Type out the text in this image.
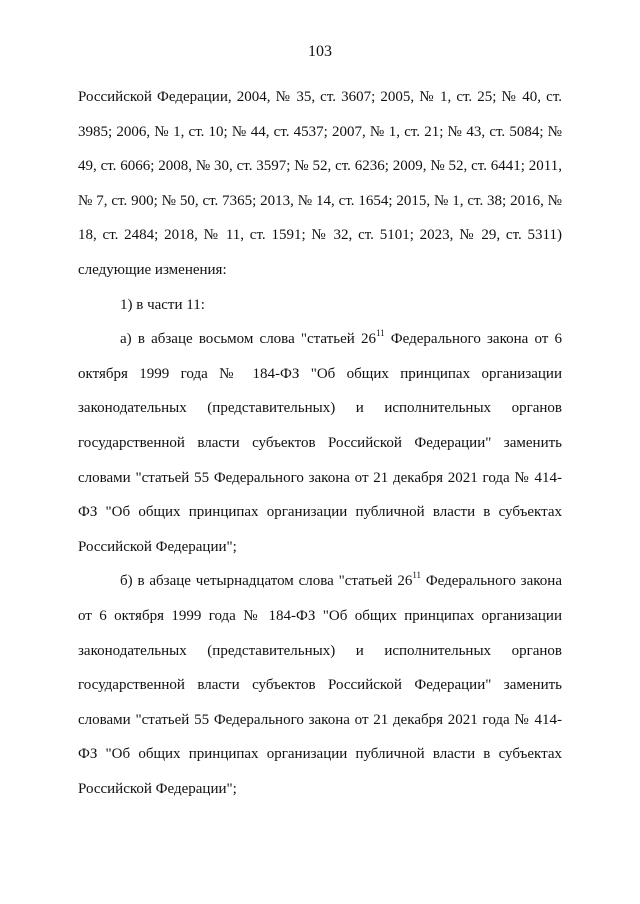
103

Российской Федерации, 2004, № 35, ст. 3607; 2005, № 1, ст. 25; № 40, ст. 3985; 2006, № 1, ст. 10; № 44, ст. 4537; 2007, № 1, ст. 21; № 43, ст. 5084; № 49, ст. 6066; 2008, № 30, ст. 3597; № 52, ст. 6236; 2009, № 52, ст. 6441; 2011, № 7, ст. 900; № 50, ст. 7365; 2013, № 14, ст. 1654; 2015, № 1, ст. 38; 2016, № 18, ст. 2484; 2018, № 11, ст. 1591; № 32, ст. 5101; 2023, № 29, ст. 5311) следующие изменения:

1) в части 11:

а) в абзаце восьмом слова "статьей $26^{11}$ Федерального закона от 6 октября 1999 года № 184-ФЗ "Об общих принципах организации законодательных (представительных) и исполнительных органов государственной власти субъектов Российской Федерации" заменить словами "статьей 55 Федерального закона от 21 декабря 2021 года № 414-ФЗ "Об общих принципах организации публичной власти в субъектах Российской Федерации";

б) в абзаце четырнадцатом слова "статьей $26^{11}$ Федерального закона от 6 октября 1999 года № 184-ФЗ "Об общих принципах организации законодательных (представительных) и исполнительных органов государственной власти субъектов Российской Федерации" заменить словами "статьей 55 Федерального закона от 21 декабря 2021 года № 414-ФЗ "Об общих принципах организации публичной власти в субъектах Российской Федерации";
